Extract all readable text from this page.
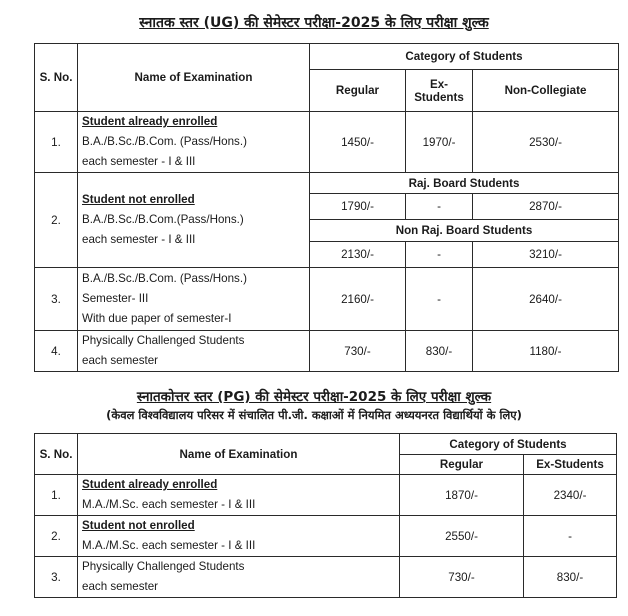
स्नातक स्तर (UG) की सेमेस्टर परीक्षा-2025 के लिए परीक्षा शुल्क
S. No.	Name of Examination	Category of Students		
		Regular	Ex- Students	Non-Collegiate
1.	Student already enrolled
B.A./B.Sc./B.Com. (Pass/Hons.)
each semester - I & III	1450/-	1970/-	2530/-
2.	Student not enrolled
B.A./B.Sc./B.Com.(Pass/Hons.)
each semester - I & III	Raj. Board Students		
		1790/-	-	2870/-
		Non Raj. Board Students		
		2130/-	-	3210/-
3.	B.A./B.Sc./B.Com. (Pass/Hons.)
Semester- III
With due paper of semester-I	2160/-	-	2640/-
4.	Physically Challenged Students
each semester	730/-	830/-	1180/-
स्नातकोत्तर स्तर (PG) की सेमेस्टर परीक्षा-2025 के लिए परीक्षा शुल्क
(केवल विश्वविद्यालय परिसर में संचालित पी.जी. कक्षाओं में नियमित अध्ययनरत विद्यार्थियों के लिए)
S. No.	Name of Examination	Category of Students	
		Regular	Ex-Students
1.	Student already enrolled
M.A./M.Sc. each semester - I & III	1870/-	2340/-
2.	Student not enrolled
M.A./M.Sc. each semester - I & III	2550/-	-
3.	Physically Challenged Students
each semester	730/-	830/-
